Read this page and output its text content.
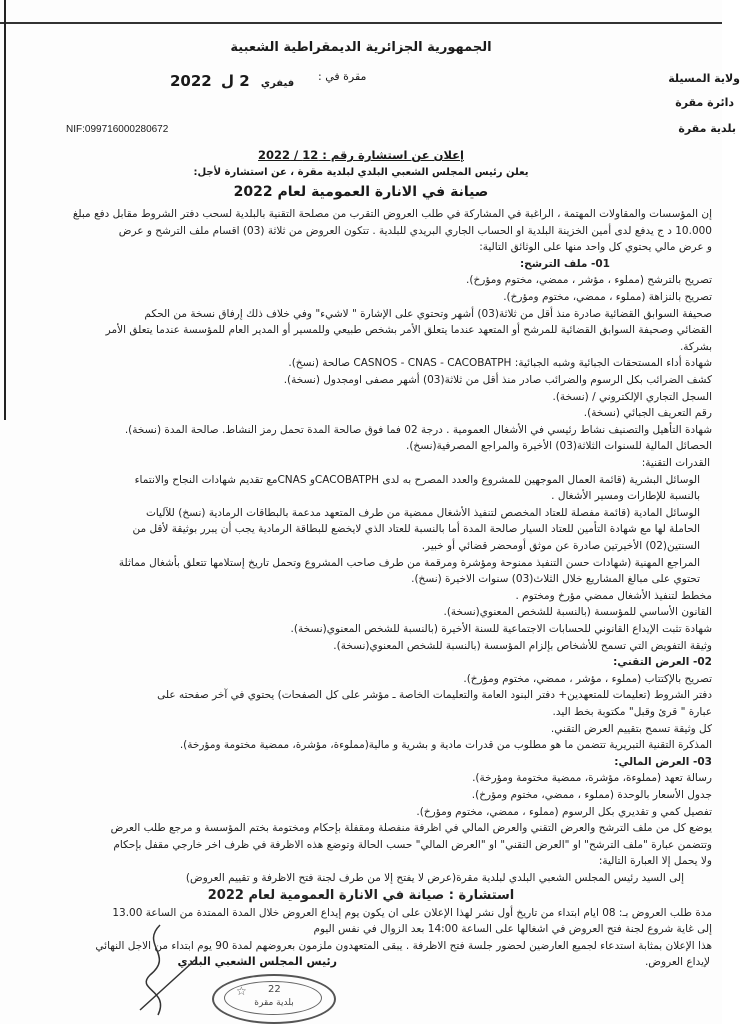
الجمهورية الجزائرية الديمقراطية الشعبية
ولاية المسيلة
دائرة مقرة
بلدية مقرة
مقرة في :
2022	فيفري 2 ل
NIF:099716000280672
إعلان عن استشارة رقم : 12 / 2022
يعلن رئيس المجلس الشعبي البلدي لبلدية مقرة ، عن استشارة لأجل:
صيانة في الانارة العمومية لعام 2022
إن المؤسسات والمقاولات المهتمة ، الراغبة في المشاركة في طلب العروض التقرب من مصلحة التقنية بالبلدية لسحب دفتر الشروط مقابل دفع مبلغ
10.000 د ج يدفع لدى أمين الخزينة البلدية او الحساب الجاري البريدي للبلدية . تتكون العروض من ثلاثة (03) اقسام ملف الترشح و عرض
و عرض مالي يحتوي كل واحد منها على الوثائق التالية:
01- ملف الترشح:
تصريح بالترشح (مملوء ، مؤشر ، ممضي، مختوم ومؤرخ).
تصريح بالنزاهة (مملوء ، ممضي، مختوم ومؤرخ).
صحيفة السوابق القضائية صادرة منذ أقل من ثلاثة(03) أشهر وتحتوي على الإشارة " لاشيء" وفي خلاف ذلك إرفاق نسخة من الحكم
القضائي وصحيفة السوابق القضائية للمرشح أو المتعهد عندما يتعلق الأمر بشخص طبيعي وللمسير أو المدير العام للمؤسسة عندما يتعلق الأمر
بشركة.
شهادة أداء المستحقات الجبائية وشبه الجبائية: CASNOS - CNAS - CACOBATPH صالحة (نسخ).
كشف الضرائب بكل الرسوم والضرائب صادر منذ أقل من ثلاثة(03) أشهر مصفى اومجدول (نسخة).
السجل التجاري الإلكتروني / (نسخة).
رقم التعريف الجبائي (نسخة).
شهادة التأهيل والتصنيف نشاط رئيسي في الأشغال العمومية . درجة 02 فما فوق صالحة المدة تحمل رمز النشاط. صالحة المدة (نسخة).
الحصائل المالية للسنوات الثلاثة(03) الأخيرة والمراجع المصرفية(نسخ).
القدرات التقنية:
الوسائل البشرية (قائمة العمال الموجهين للمشروع والعدد المصرح به لدى CACOBATPHو CNASمع تقديم شهادات النجاح والانتماء
بالنسبة للإطارات ومسير الأشغال .
الوسائل المادية (قائمة مفصلة للعتاد المخصص لتنفيذ الأشغال ممضية من طرف المتعهد مدعمة بالبطاقات الرمادية (نسخ) للآليات
الحاملة لها مع شهادة التأمين للعتاد السيار صالحة المدة أما بالنسبة للعتاد الذي لايخضع للبطاقة الرمادية يجب أن يبرر بوثيقة لأقل من
السنتين(02) الأخيرتين صادرة عن موثق أومحضر قضائي أو خبير.
المراجع المهنية (شهادات حسن التنفيذ ممنوحة ومؤشرة ومرقمة من طرف صاحب المشروع وتحمل تاريخ إستلامها تتعلق بأشغال مماثلة
تحتوي على مبالغ المشاريع خلال الثلاث(03) سنوات الاخيرة (نسخ).
مخطط لتنفيذ الأشغال ممضي مؤرخ ومختوم .
القانون الأساسي للمؤسسة (بالنسبة للشخص المعنوي(نسخة).
شهادة تثبت الإيداع القانوني للحسابات الاجتماعية للسنة الأخيرة (بالنسبة للشخص المعنوي(نسخة).
وثيقة التفويض التي تسمح للأشخاص بإلزام المؤسسة (بالنسبة للشخص المعنوي(نسخة).
02- العرض التقني:
تصريح بالإكتتاب (مملوء ، مؤشر ، ممضي، مختوم ومؤرخ).
دفتر الشروط (تعليمات للمتعهدين+ دفتر البنود العامة والتعليمات الخاصة ـ مؤشر على كل الصفحات) يحتوي في آخر صفحته على
عبارة " قرئ وقبل" مكتوبة بخط اليد.
كل وثيقة تسمح بتقييم العرض التقني.
المذكرة التقنية التبريرية تتضمن ما هو مطلوب من قدرات مادية و بشرية و مالية(مملوءة، مؤشرة، ممضية مختومة ومؤرخة).
03- العرض المالي:
رسالة تعهد (مملوءة، مؤشرة، ممضية مختومة ومؤرخة).
جدول الأسعار بالوحدة (مملوء ، ممضي، مختوم ومؤرخ).
تفصيل كمي و تقديري بكل الرسوم (مملوء ، ممضي، مختوم ومؤرخ).
يوضع كل من ملف الترشح والعرض التقني والعرض المالي في اظرفة منفصلة ومقفلة بإحكام ومختومة بختم المؤسسة و مرجع طلب العرض
وتتضمن عبارة "ملف الترشح" او "العرض التقني" او "العرض المالي" حسب الحالة وتوضع هذه الاظرفة في ظرف اخر خارجي مقفل بإحكام
ولا يحمل إلا العبارة التالية:
إلى السيد رئيس المجلس الشعبي البلدي لبلدية مقرة(عرض لا يفتح إلا من طرف لجنة فتح الاظرفة و تقييم العروض)
استشارة : صيانة في الانارة العمومية لعام 2022
مدة طلب العروض بـ: 08 ايام ابتداء من تاريخ أول نشر لهذا الإعلان على ان يكون يوم إيداع العروض خلال المدة الممتدة من الساعة 13.00
إلى غاية شروع لجنة فتح العروض في اشغالها على الساعة 14:00 بعد الزوال في نفس اليوم
هذا الإعلان بمثابة استدعاء لجميع العارضين لحضور جلسة فتح الاظرفة . يبقى المتعهدون ملزمون بعروضهم لمدة 90 يوم ابتداء من الاجل النهائي
لإيداع العروض.
رئيس المجلس الشعبي البلدي
☆ 22
بلدية مقرة
